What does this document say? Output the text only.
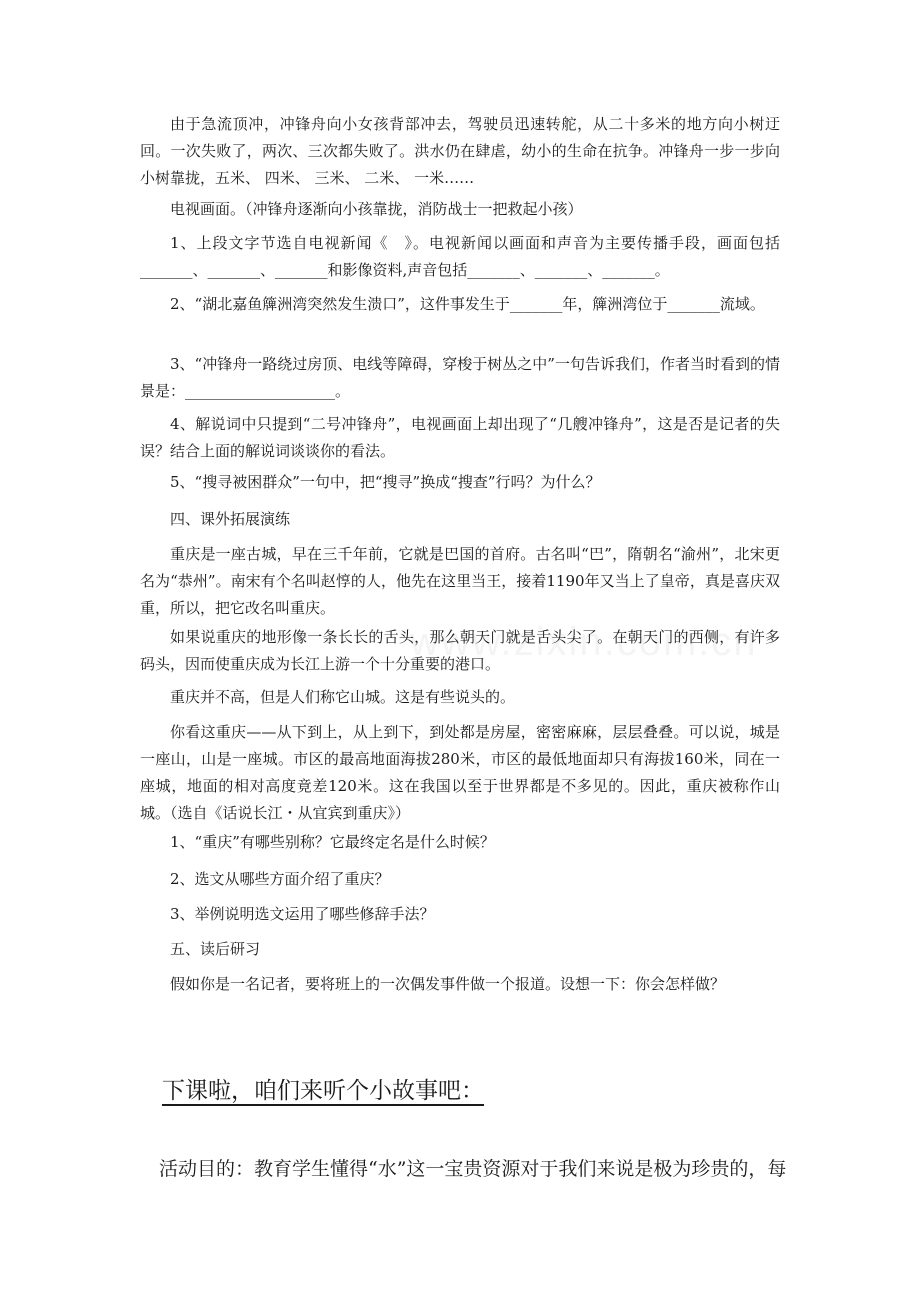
由于急流顶冲，冲锋舟向小女孩背部冲去，驾驶员迅速转舵，从二十多米的地方向小树迂回。一次失败了，两次、三次都失败了。洪水仍在肆虐，幼小的生命在抗争。冲锋舟一步一步向小树靠拢，五米、 四米、 三米、 二米、 一米……

电视画面。（冲锋舟逐渐向小孩靠拢，消防战士一把救起小孩）

1、上段文字节选自电视新闻《　》。电视新闻以画面和声音为主要传播手段，画面包括_______、_______、_______和影像资料,声音包括_______、_______、_______。

2、“湖北嘉鱼簰洲湾突然发生溃口”，这件事发生于_______年，簰洲湾位于_______流域。

3、“冲锋舟一路绕过房顶、电线等障碍，穿梭于树丛之中”一句告诉我们，作者当时看到的情景是：____________________。

4、解说词中只提到“二号冲锋舟”，电视画面上却出现了“几艘冲锋舟”，这是否是记者的失误？结合上面的解说词谈谈你的看法。

5、“搜寻被困群众”一句中，把“搜寻”换成“搜查”行吗？为什么？

四、课外拓展演练

重庆是一座古城，早在三千年前，它就是巴国的首府。古名叫“巴”，隋朝名“渝州”，北宋更名为“恭州”。南宋有个名叫赵惇的人，他先在这里当王，接着1190年又当上了皇帝，真是喜庆双重，所以，把它改名叫重庆。

如果说重庆的地形像一条长长的舌头，那么朝天门就是舌头尖了。在朝天门的西侧，有许多码头，因而使重庆成为长江上游一个十分重要的港口。

重庆并不高，但是人们称它山城。这是有些说头的。

你看这重庆——从下到上，从上到下，到处都是房屋，密密麻麻，层层叠叠。可以说，城是一座山，山是一座城。市区的最高地面海拔280米，市区的最低地面却只有海拔160米，同在一座城，地面的相对高度竟差120米。这在我国以至于世界都是不多见的。因此，重庆被称作山城。（选自《话说长江・从宜宾到重庆》）

1、“重庆”有哪些别称？它最终定名是什么时候？

2、选文从哪些方面介绍了重庆？

3、举例说明选文运用了哪些修辞手法？

五、读后研习

假如你是一名记者，要将班上的一次偶发事件做一个报道。设想一下：你会怎样做？

下课啦，咱们来听个小故事吧：

活动目的：教育学生懂得“水”这一宝贵资源对于我们来说是极为珍贵的，每
